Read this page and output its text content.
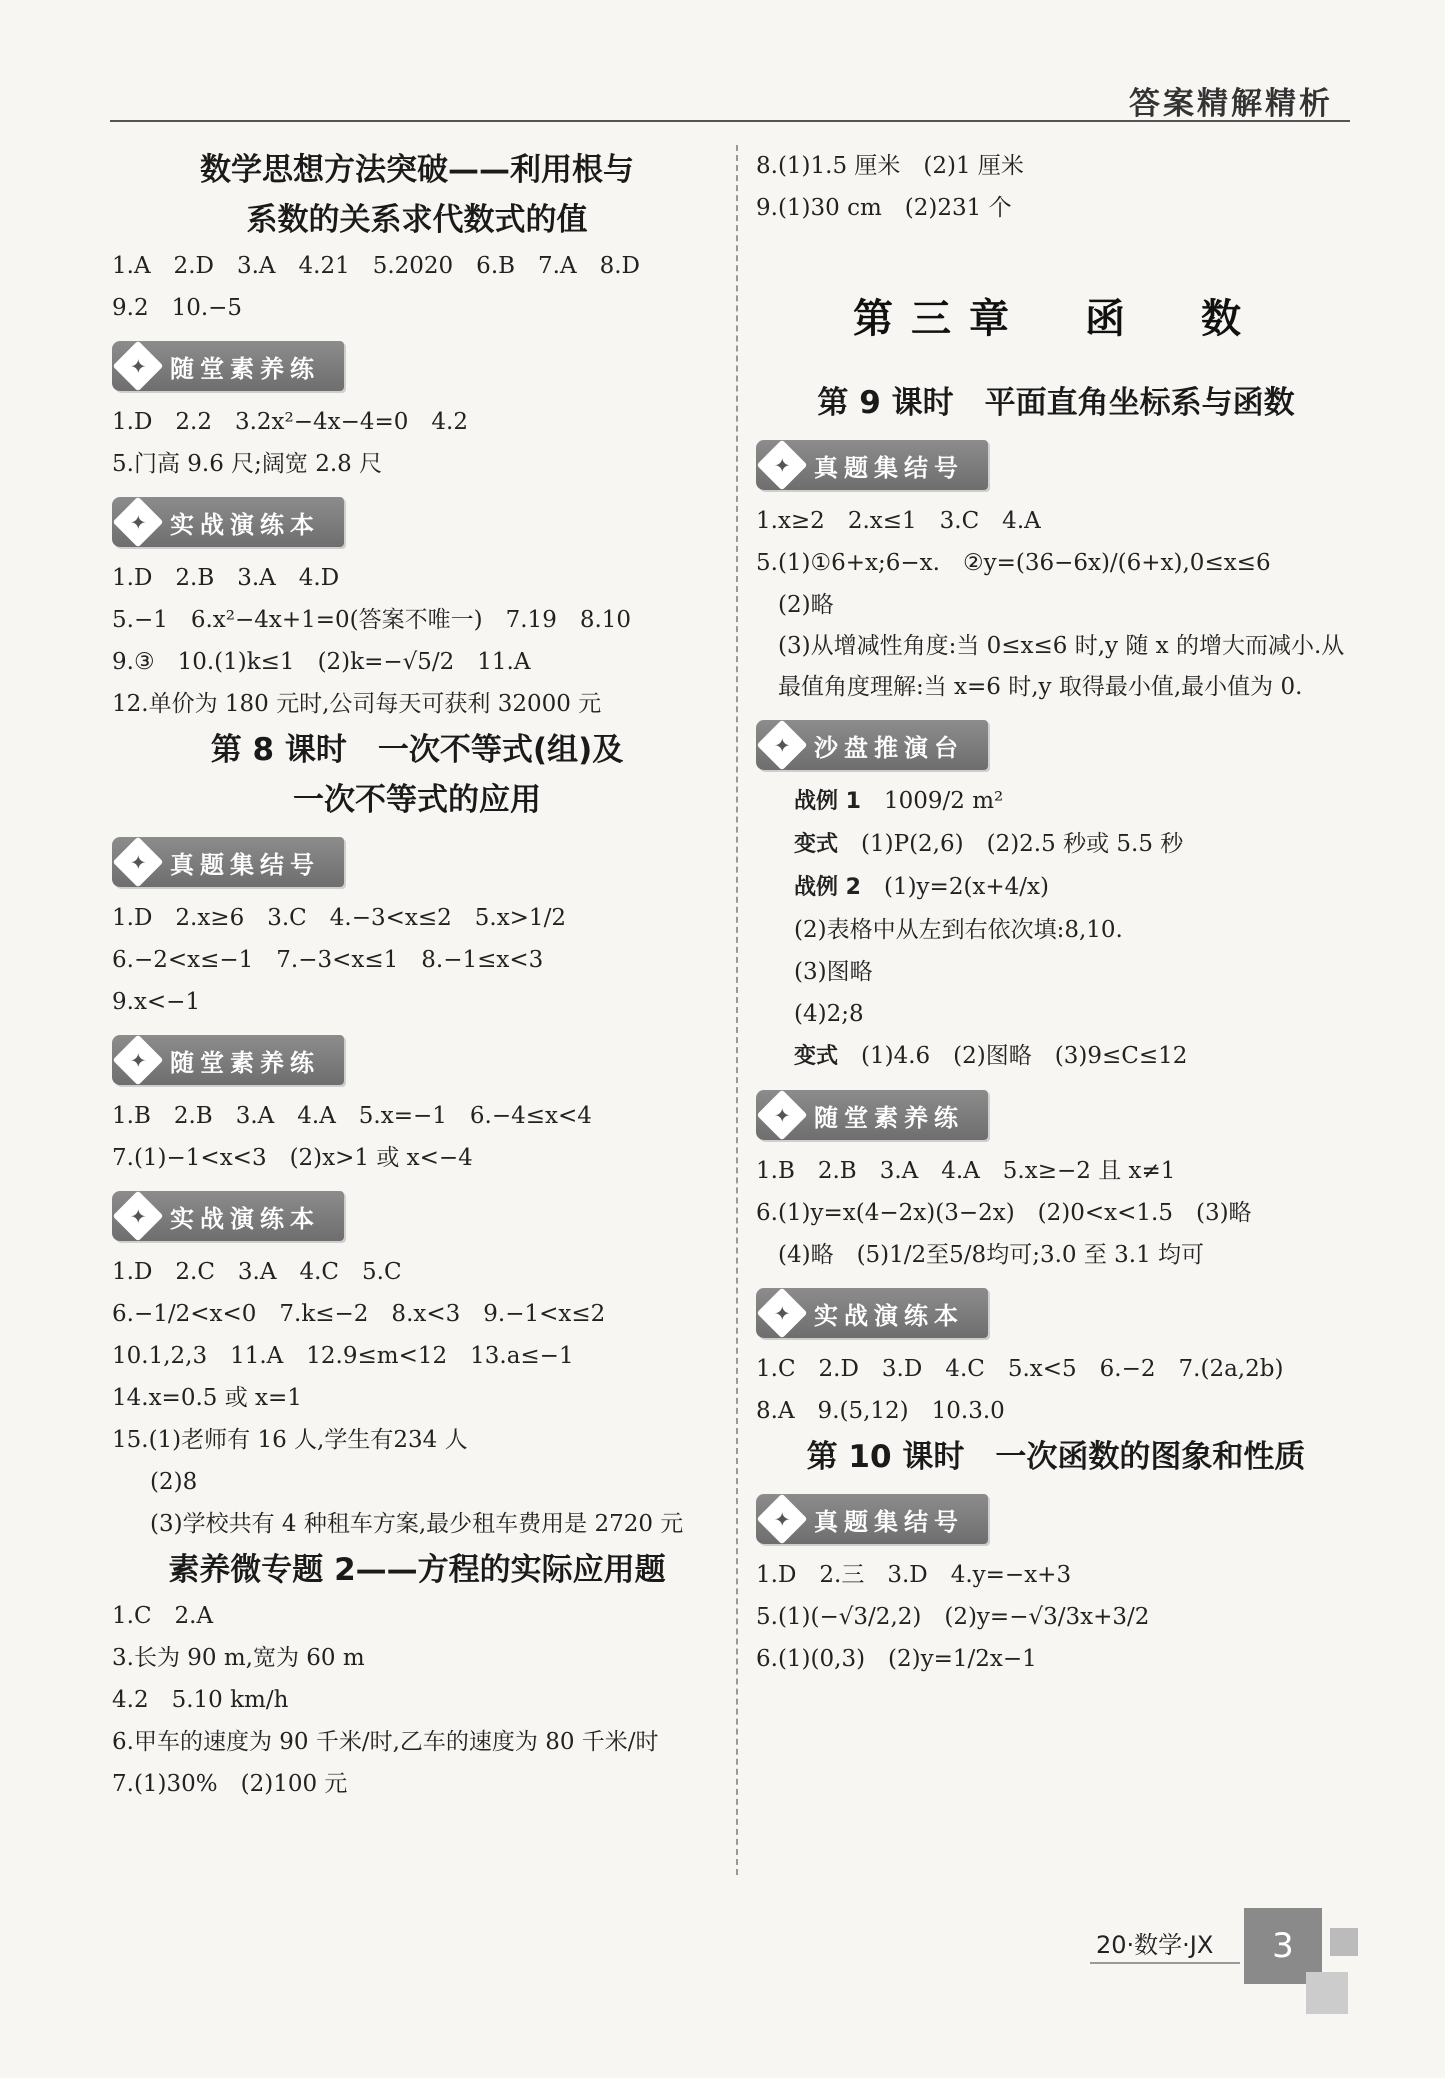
答案精解精析
数学思想方法突破——利用根与
系数的关系求代数式的值
1.A　2.D　3.A　4.21　5.2020　6.B　7.A　8.D
9.2　10.−5
✦ 随堂素养练
1.D　2.2　3.2x²−4x−4=0　4.2
5.门高 9.6 尺;阔宽 2.8 尺
✦ 实战演练本
1.D　2.B　3.A　4.D
5.−1　6.x²−4x+1=0(答案不唯一)　7.19　8.10
9.③　10.(1)k≤1　(2)k=−√5/2　11.A
12.单价为 180 元时,公司每天可获利 32000 元
第 8 课时　一次不等式(组)及
一次不等式的应用
✦ 真题集结号
1.D　2.x≥6　3.C　4.−3<x≤2　5.x>1/2
6.−2<x≤−1　7.−3<x≤1　8.−1≤x<3
9.x<−1
✦ 随堂素养练
1.B　2.B　3.A　4.A　5.x=−1　6.−4≤x<4
7.(1)−1<x<3　(2)x>1 或 x<−4
✦ 实战演练本
1.D　2.C　3.A　4.C　5.C
6.−1/2<x<0　7.k≤−2　8.x<3　9.−1<x≤2
10.1,2,3　11.A　12.9≤m<12　13.a≤−1
14.x=0.5 或 x=1
15.(1)老师有 16 人,学生有234 人
(2)8
(3)学校共有 4 种租车方案,最少租车费用是 2720 元
素养微专题 2——方程的实际应用题
1.C　2.A
3.长为 90 m,宽为 60 m
4.2　5.10 km/h
6.甲车的速度为 90 千米/时,乙车的速度为 80 千米/时
7.(1)30%　(2)100 元
8.(1)1.5 厘米　(2)1 厘米
9.(1)30 cm　(2)231 个
第三章　函　数
第 9 课时　平面直角坐标系与函数
✦ 真题集结号
1.x≥2　2.x≤1　3.C　4.A
5.(1)①6+x;6−x.　②y=(36−6x)/(6+x),0≤x≤6
(2)略
(3)从增减性角度:当 0≤x≤6 时,y 随 x 的增大而减小.从最值角度理解:当 x=6 时,y 取得最小值,最小值为 0.
✦ 沙盘推演台
战例 1　 1009/2 m²
变式　 (1)P(2,6)　(2)2.5 秒或 5.5 秒
战例 2　 (1)y=2(x+4/x)
(2)表格中从左到右依次填:8,10.
(3)图略
(4)2;8
变式　 (1)4.6　(2)图略　(3)9≤C≤12
✦ 随堂素养练
1.B　2.B　3.A　4.A　5.x≥−2 且 x≠1
6.(1)y=x(4−2x)(3−2x)　(2)0<x<1.5　(3)略
(4)略　(5)1/2至5/8均可;3.0 至 3.1 均可
✦ 实战演练本
1.C　2.D　3.D　4.C　5.x<5　6.−2　7.(2a,2b)
8.A　9.(5,12)　10.3.0
第 10 课时　一次函数的图象和性质
✦ 真题集结号
1.D　2.三　3.D　4.y=−x+3
5.(1)(−√3/2,2)　(2)y=−√3/3x+3/2
6.(1)(0,3)　(2)y=1/2x−1
20·数学·JX	3
